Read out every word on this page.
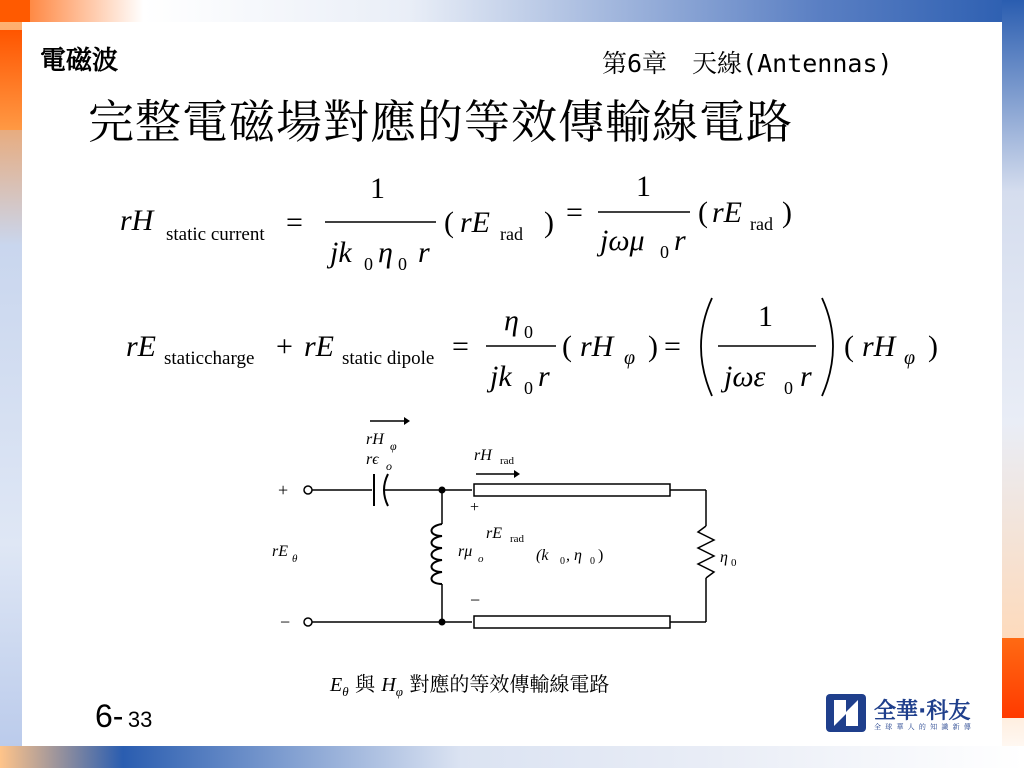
電磁波	第6章　天線(Antennas)
完整電磁場對應的等效傳輸線電路
rH static current =
1
jk 0 η 0 r
( rE rad ) =
1
jωμ 0 r
( rE rad )
rE staticcharge + rE static dipole =
η 0
jk 0 r
( rH φ ) =
1
jωε 0 r
( rH φ )
rH φ
rϵ o
rH rad
+
−
rE θ	rμ o	η 0
+
rE rad
−
(k 0 , η 0 )
$E_\theta$ 與 $H_\varphi$ 對應的等效傳輸線電路
6- 33	全華·科友
全 球 華 人 的 知 識 新 傳
